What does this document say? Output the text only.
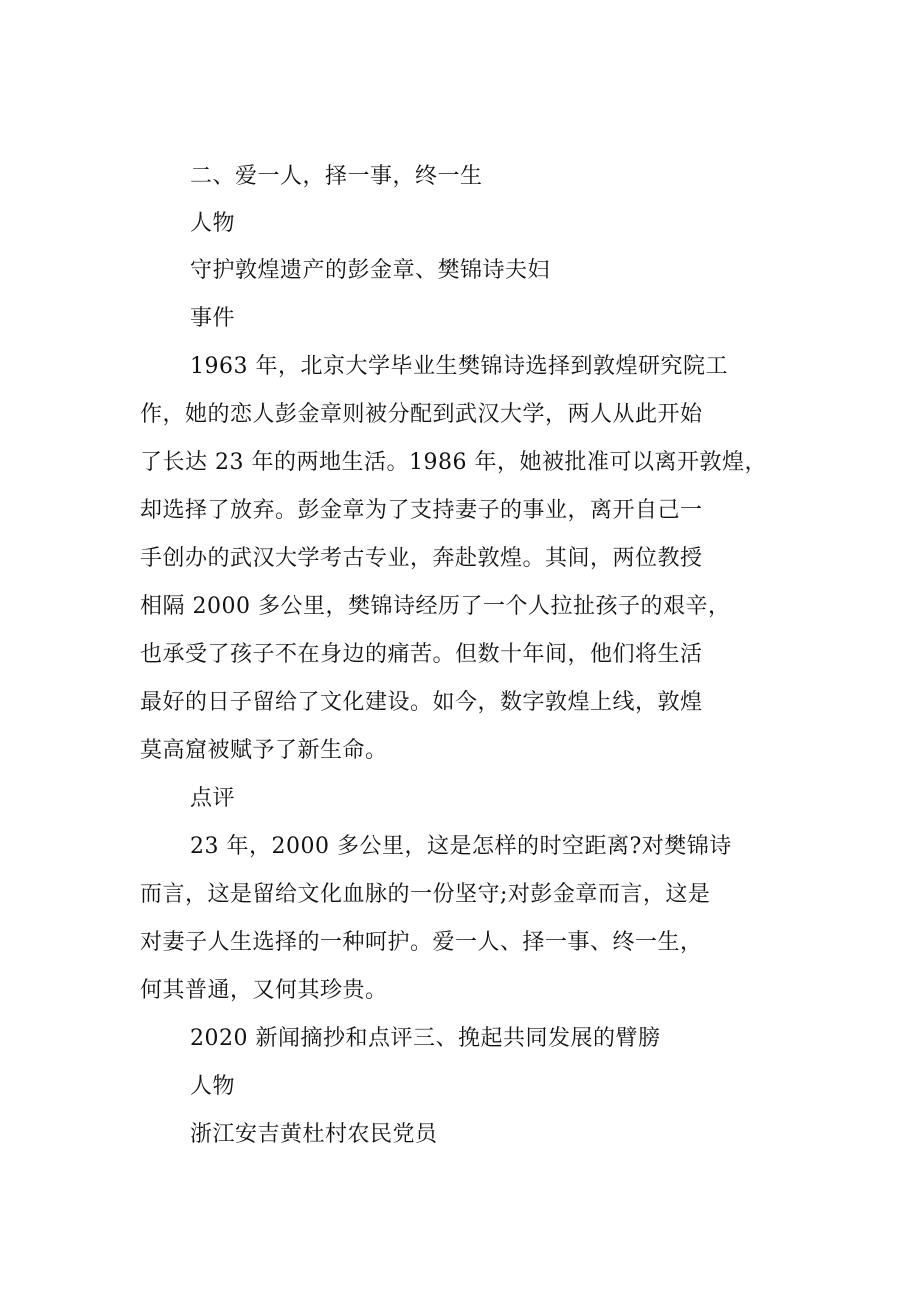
二、爱一人，择一事，终一生
人物
守护敦煌遗产的彭金章、樊锦诗夫妇
事件
1963 年，北京大学毕业生樊锦诗选择到敦煌研究院工
作，她的恋人彭金章则被分配到武汉大学，两人从此开始
了长达 23 年的两地生活。1986 年，她被批准可以离开敦煌，
却选择了放弃。彭金章为了支持妻子的事业，离开自己一
手创办的武汉大学考古专业，奔赴敦煌。其间，两位教授
相隔 2000 多公里，樊锦诗经历了一个人拉扯孩子的艰辛，
也承受了孩子不在身边的痛苦。但数十年间，他们将生活
最好的日子留给了文化建设。如今，数字敦煌上线，敦煌
莫高窟被赋予了新生命。
点评
23 年，2000 多公里，这是怎样的时空距离?对樊锦诗
而言，这是留给文化血脉的一份坚守;对彭金章而言，这是
对妻子人生选择的一种呵护。爱一人、择一事、终一生，
何其普通，又何其珍贵。
2020 新闻摘抄和点评三、挽起共同发展的臂膀
人物
浙江安吉黄杜村农民党员
